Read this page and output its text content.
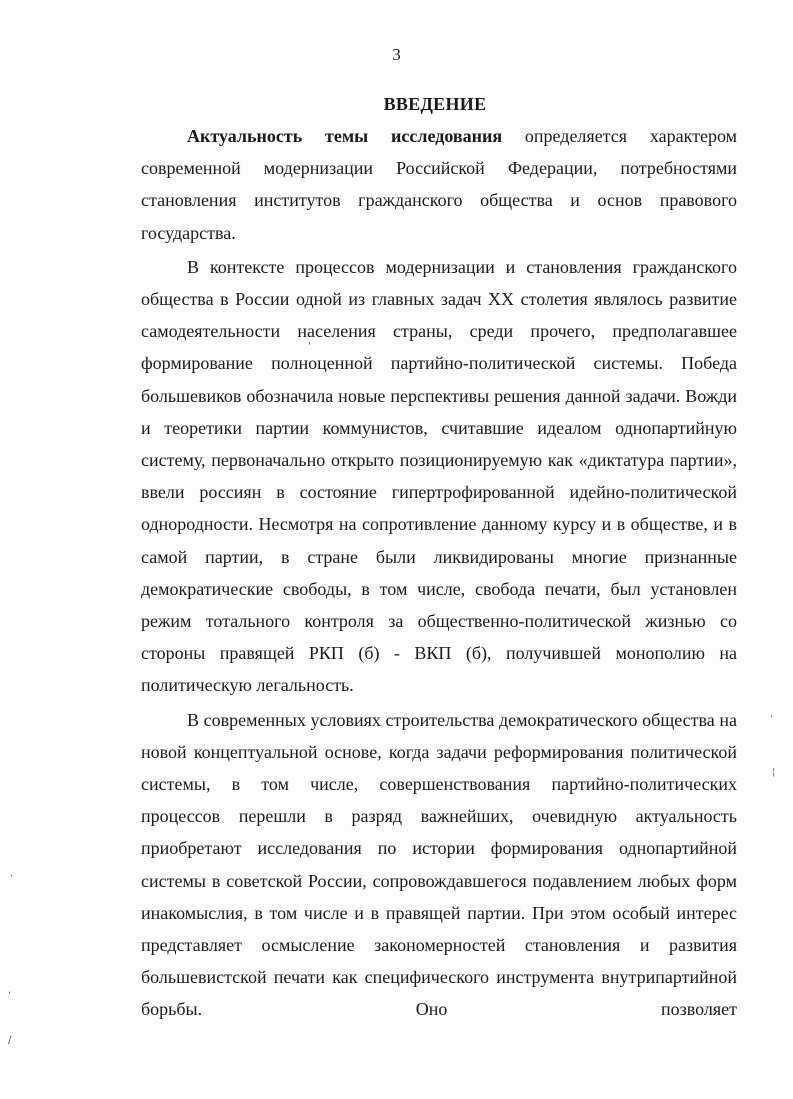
3
ВВЕДЕНИЕ

Актуальность темы исследования определяется характером современной модернизации Российской Федерации, потребностями становления институтов гражданского общества и основ правового государства.

В контексте процессов модернизации и становления гражданского общества в России одной из главных задач XX столетия являлось развитие самодеятельности населения страны, среди прочего, предполагавшее формирование полноценной партийно-политической системы. Победа большевиков обозначила новые перспективы решения данной задачи. Вожди и теоретики партии коммунистов, считавшие идеалом однопартийную систему, первоначально открыто позиционируемую как «диктатура партии», ввели россиян в состояние гипертрофированной идейно-политической однородности. Несмотря на сопротивление данному курсу и в обществе, и в самой партии, в стране были ликвидированы многие признанные демократические свободы, в том числе, свобода печати, был установлен режим тотального контроля за общественно-политической жизнью со стороны правящей РКП (б) - ВКП (б), получившей монополию на политическую легальность.

В современных условиях строительства демократического общества на новой концептуальной основе, когда задачи реформирования политической системы, в том числе, совершенствования партийно-политических процессов перешли в разряд важнейших, очевидную актуальность приобретают исследования по истории формирования однопартийной системы в советской России, сопровождавшегося подавлением любых форм инакомыслия, в том числе и в правящей партии. При этом особый интерес представляет осмысление закономерностей становления и развития большевистской печати как специфического инструмента внутрипартийной борьбы. Оно позволяет

·
¦
·
,
/
'
